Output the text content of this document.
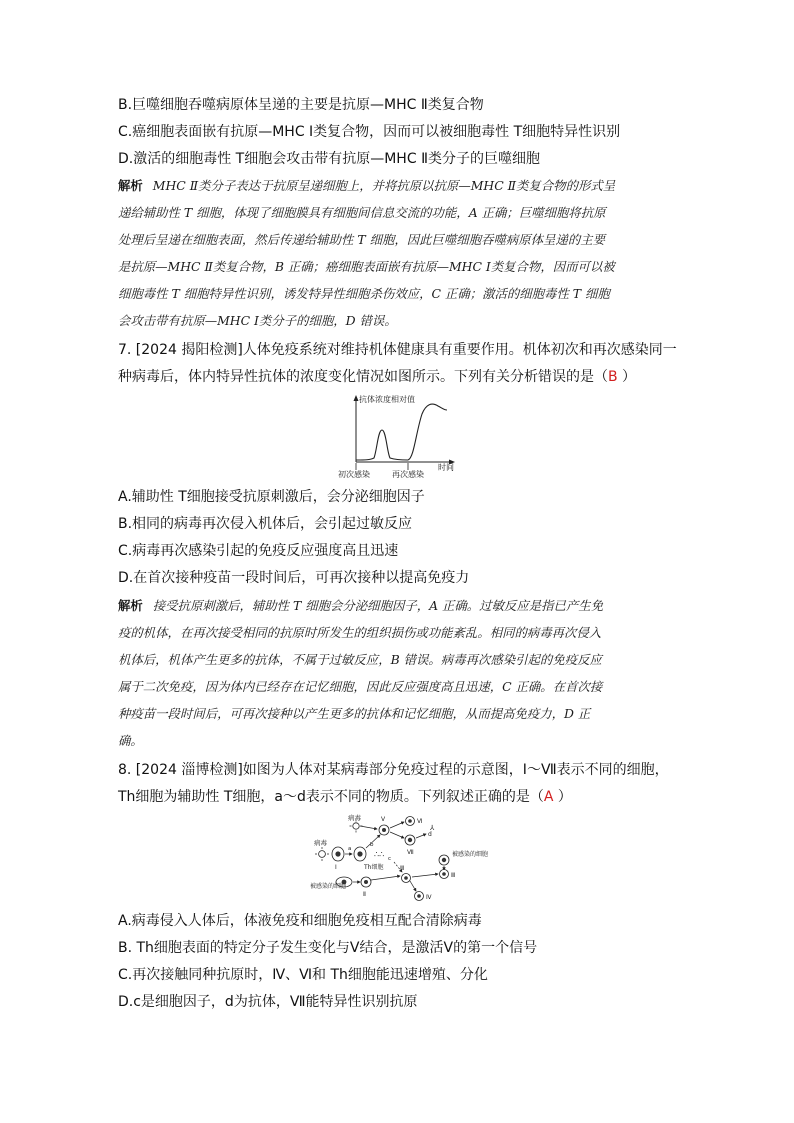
B.巨噬细胞吞噬病原体呈递的主要是抗原—MHC Ⅱ类复合物
C.癌细胞表面嵌有抗原—MHC Ⅰ类复合物，因而可以被细胞毒性 T细胞特异性识别
D.激活的细胞毒性 T细胞会攻击带有抗原—MHC Ⅱ类分子的巨噬细胞
解析 MHC Ⅱ类分子表达于抗原呈递细胞上，并将抗原以抗原—MHC Ⅱ类复合物的形式呈
递给辅助性 T 细胞，体现了细胞膜具有细胞间信息交流的功能，A 正确；巨噬细胞将抗原
处理后呈递在细胞表面，然后传递给辅助性 T 细胞，因此巨噬细胞吞噬病原体呈递的主要
是抗原—MHC Ⅱ类复合物，B 正确；癌细胞表面嵌有抗原—MHC Ⅰ类复合物，因而可以被
细胞毒性 T 细胞特异性识别，诱发特异性细胞杀伤效应，C 正确；激活的细胞毒性 T 细胞
会攻击带有抗原—MHC Ⅰ类分子的细胞，D 错误。
7. [2024 揭阳检测]人体免疫系统对维持机体健康具有重要作用。机体初次和再次感染同一
种病毒后，体内特异性抗体的浓度变化情况如图所示。下列有关分析错误的是（B ）
抗体浓度相对值
时间
初次感染	再次感染
A.辅助性 T细胞接受抗原刺激后，会分泌细胞因子
B.相同的病毒再次侵入机体后，会引起过敏反应
C.病毒再次感染引起的免疫反应强度高且迅速
D.在首次接种疫苗一段时间后，可再次接种以提高免疫力
解析 接受抗原刺激后，辅助性 T 细胞会分泌细胞因子，A 正确。过敏反应是指已产生免
疫的机体，在再次接受相同的抗原时所发生的组织损伤或功能紊乱。相同的病毒再次侵入
机体后，机体产生更多的抗体，不属于过敏反应，B 错误。病毒再次感染引起的免疫反应
属于二次免疫，因为体内已经存在记忆细胞，因此反应强度高且迅速，C 正确。在首次接
种疫苗一段时间后，可再次接种以产生更多的抗体和记忆细胞，从而提高免疫力，D 正
确。
8. [2024 淄博检测]如图为人体对某病毒部分免疫过程的示意图，Ⅰ～Ⅶ表示不同的细胞，
Th细胞为辅助性 T细胞，a～d表示不同的物质。下列叙述正确的是（A ）
病毒
病毒
Ⅰ	Th细胞
Ⅴ
b
Ⅵ
Ⅶ
d
⅄
∴∴ c
a
被感染的细胞
Ⅱ
Ⅲ
Ⅳ
被感染的细胞
Ⅲ
A.病毒侵入人体后，体液免疫和细胞免疫相互配合清除病毒
B. Th细胞表面的特定分子发生变化与Ⅴ结合，是激活Ⅴ的第一个信号
C.再次接触同种抗原时，Ⅳ、Ⅵ和 Th细胞能迅速增殖、分化
D.c是细胞因子，d为抗体，Ⅶ能特异性识别抗原
